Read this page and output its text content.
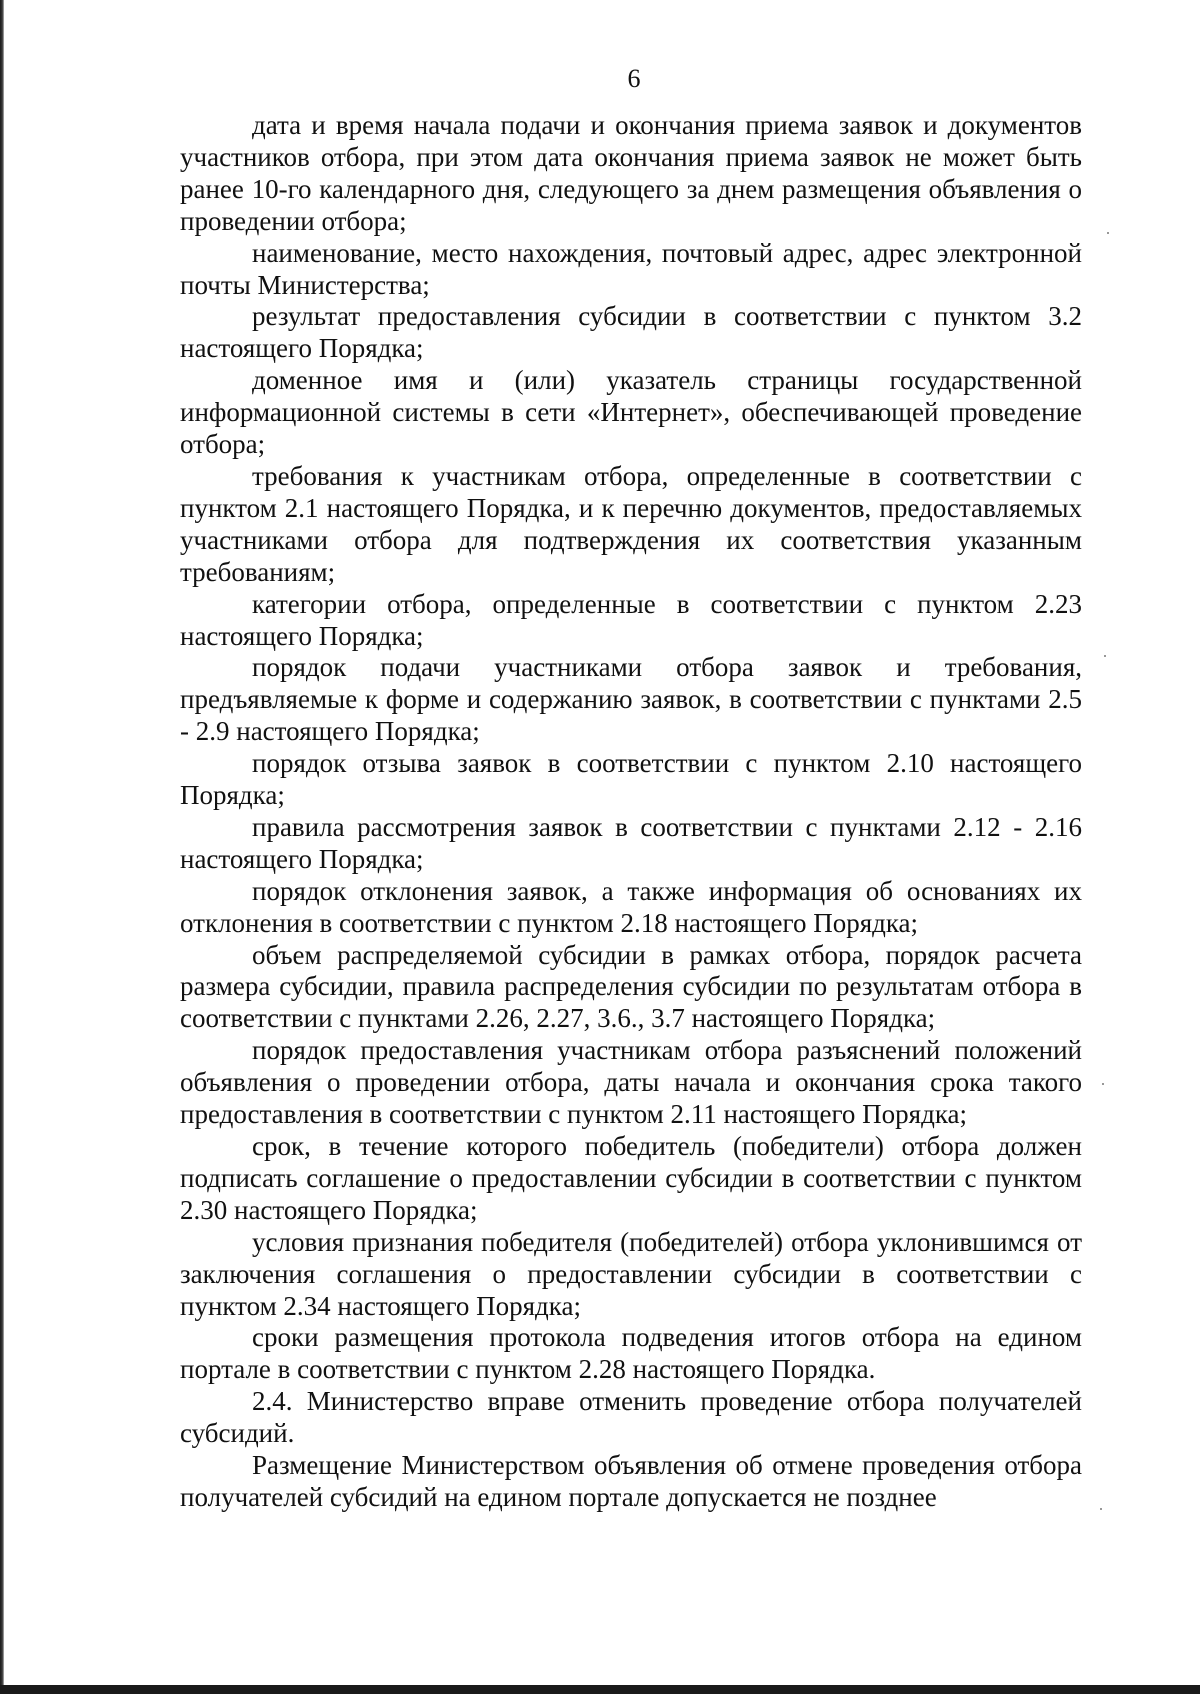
6

дата и время начала подачи и окончания приема заявок и документов участников отбора, при этом дата окончания приема заявок не может быть ранее 10-го календарного дня, следующего за днем размещения объявления о проведении отбора;

наименование, место нахождения, почтовый адрес, адрес электронной почты Министерства;

результат предоставления субсидии в соответствии с пунктом 3.2 настоящего Порядка;

доменное имя и (или) указатель страницы государственной информационной системы в сети «Интернет», обеспечивающей проведение отбора;

требования к участникам отбора, определенные в соответствии с пунктом 2.1 настоящего Порядка, и к перечню документов, предоставляемых участниками отбора для подтверждения их соответствия указанным требованиям;

категории отбора, определенные в соответствии с пунктом 2.23 настоящего Порядка;

порядок подачи участниками отбора заявок и требования, предъявляемые к форме и содержанию заявок, в соответствии с пунктами 2.5 - 2.9 настоящего Порядка;

порядок отзыва заявок в соответствии с пунктом 2.10 настоящего Порядка;

правила рассмотрения заявок в соответствии с пунктами 2.12 - 2.16 настоящего Порядка;

порядок отклонения заявок, а также информация об основаниях их отклонения в соответствии с пунктом 2.18 настоящего Порядка;

объем распределяемой субсидии в рамках отбора, порядок расчета размера субсидии, правила распределения субсидии по результатам отбора в соответствии с пунктами 2.26, 2.27, 3.6., 3.7 настоящего Порядка;

порядок предоставления участникам отбора разъяснений положений объявления о проведении отбора, даты начала и окончания срока такого предоставления в соответствии с пунктом 2.11 настоящего Порядка;

срок, в течение которого победитель (победители) отбора должен подписать соглашение о предоставлении субсидии в соответствии с пунктом 2.30 настоящего Порядка;

условия признания победителя (победителей) отбора уклонившимся от заключения соглашения о предоставлении субсидии в соответствии с пунктом 2.34 настоящего Порядка;

сроки размещения протокола подведения итогов отбора на едином портале в соответствии с пунктом 2.28 настоящего Порядка.

2.4. Министерство вправе отменить проведение отбора получателей субсидий.

Размещение Министерством объявления об отмене проведения отбора получателей субсидий на едином портале допускается не позднее
